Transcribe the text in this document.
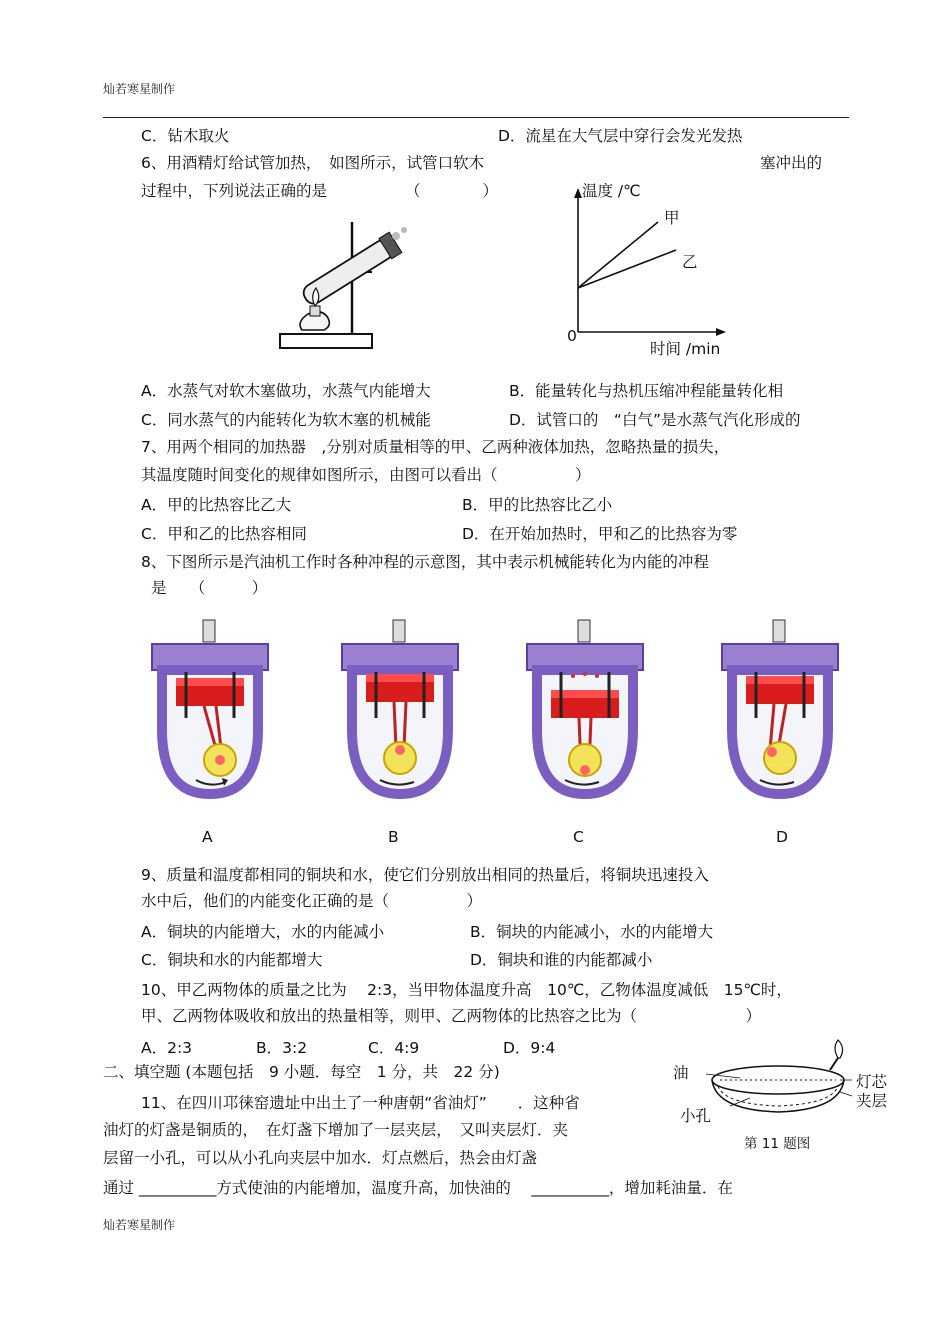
灿若寒星制作
C．钻木取火	D．流星在大气层中穿行会发光发热
6、用酒精灯给试管加热，　如图所示，试管口软木	塞冲出的
过程中，下列说法正确的是	（　　　　）	温度 /℃
甲
乙
0
时间 /min
A．水蒸气对软木塞做功，水蒸气内能增大	B．能量转化与热机压缩冲程能量转化相
C．同水蒸气的内能转化为软木塞的机械能	D．试管口的　“白气”是水蒸气汽化形成的
7、用两个相同的加热器　,分别对质量相等的甲、乙两种液体加热，忽略热量的损失，
其温度随时间变化的规律如图所示，由图可以看出（　　　　　）
A．甲的比热容比乙大	B．甲的比热容比乙小
C．甲和乙的比热容相同	D．在开始加热时，甲和乙的比热容为零
8、下图所示是汽油机工作时各种冲程的示意图，其中表示机械能转化为内能的冲程
是　　（　　　）
A	B	C	D
9、质量和温度都相同的铜块和水，使它们分别放出相同的热量后，将铜块迅速投入
水中后，他们的内能变化正确的是（　　　　　）
A．铜块的内能增大，水的内能减小	B．铜块的内能减小，水的内能增大
C．铜块和水的内能都增大	D．铜块和谁的内能都减小
10、甲乙两物体的质量之比为　 2:3，当甲物体温度升高　10℃，乙物体温度减低　15℃时，
甲、乙两物体吸收和放出的热量相等，则甲、乙两物体的比热容之比为（　　　　　　　）
A．2:3	B．3:2	C．4:9	D．9:4
二、填空题 (本题包括　9 小题．每空　1 分，共　22 分)
11、在四川邛徕窑遗址中出土了一种唐朝“省油灯”　　．这种省
油灯的灯盏是铜质的，　在灯盏下增加了一层夹层，　又叫夹层灯．夹
层留一小孔，可以从小孔向夹层中加水．灯点燃后，热会由灯盏
通过 __________方式使油的内能增加，温度升高，加快油的　 __________，增加耗油量．在
油	灯芯
夹层
小孔
第 11 题图
灿若寒星制作
